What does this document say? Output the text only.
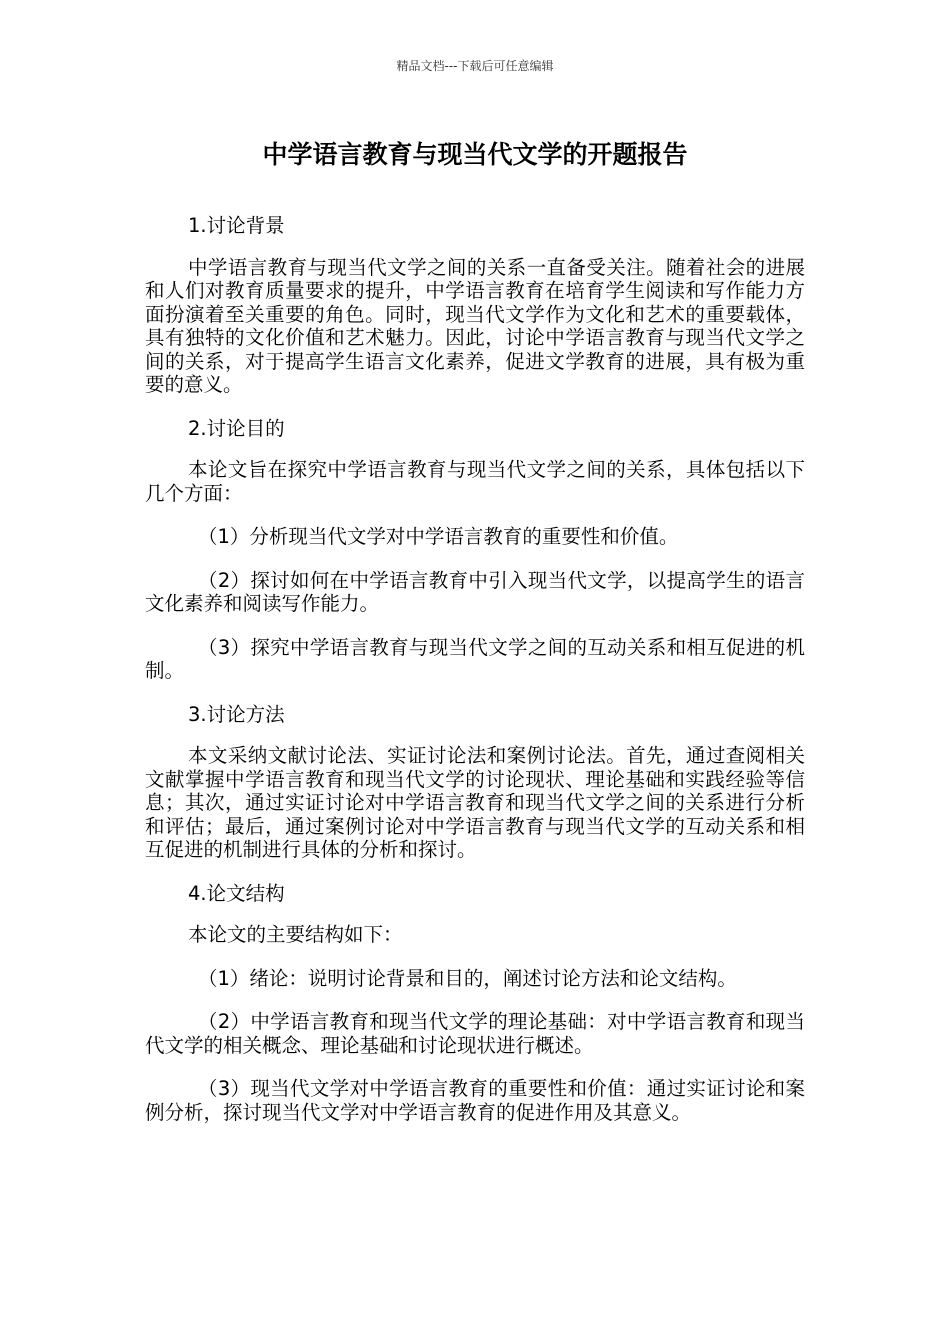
精品文档---下载后可任意编辑
中学语言教育与现当代文学的开题报告

1.讨论背景

中学语言教育与现当代文学之间的关系一直备受关注。随着社会的进展和人们对教育质量要求的提升，中学语言教育在培育学生阅读和写作能力方面扮演着至关重要的角色。同时，现当代文学作为文化和艺术的重要载体，具有独特的文化价值和艺术魅力。因此，讨论中学语言教育与现当代文学之间的关系，对于提高学生语言文化素养，促进文学教育的进展，具有极为重要的意义。

2.讨论目的

本论文旨在探究中学语言教育与现当代文学之间的关系，具体包括以下几个方面：

（1）分析现当代文学对中学语言教育的重要性和价值。

（2）探讨如何在中学语言教育中引入现当代文学，以提高学生的语言文化素养和阅读写作能力。

（3）探究中学语言教育与现当代文学之间的互动关系和相互促进的机制。

3.讨论方法

本文采纳文献讨论法、实证讨论法和案例讨论法。首先，通过查阅相关文献掌握中学语言教育和现当代文学的讨论现状、理论基础和实践经验等信息；其次，通过实证讨论对中学语言教育和现当代文学之间的关系进行分析和评估；最后，通过案例讨论对中学语言教育与现当代文学的互动关系和相互促进的机制进行具体的分析和探讨。

4.论文结构

本论文的主要结构如下：

（1）绪论：说明讨论背景和目的，阐述讨论方法和论文结构。

（2）中学语言教育和现当代文学的理论基础：对中学语言教育和现当代文学的相关概念、理论基础和讨论现状进行概述。

（3）现当代文学对中学语言教育的重要性和价值：通过实证讨论和案例分析，探讨现当代文学对中学语言教育的促进作用及其意义。
